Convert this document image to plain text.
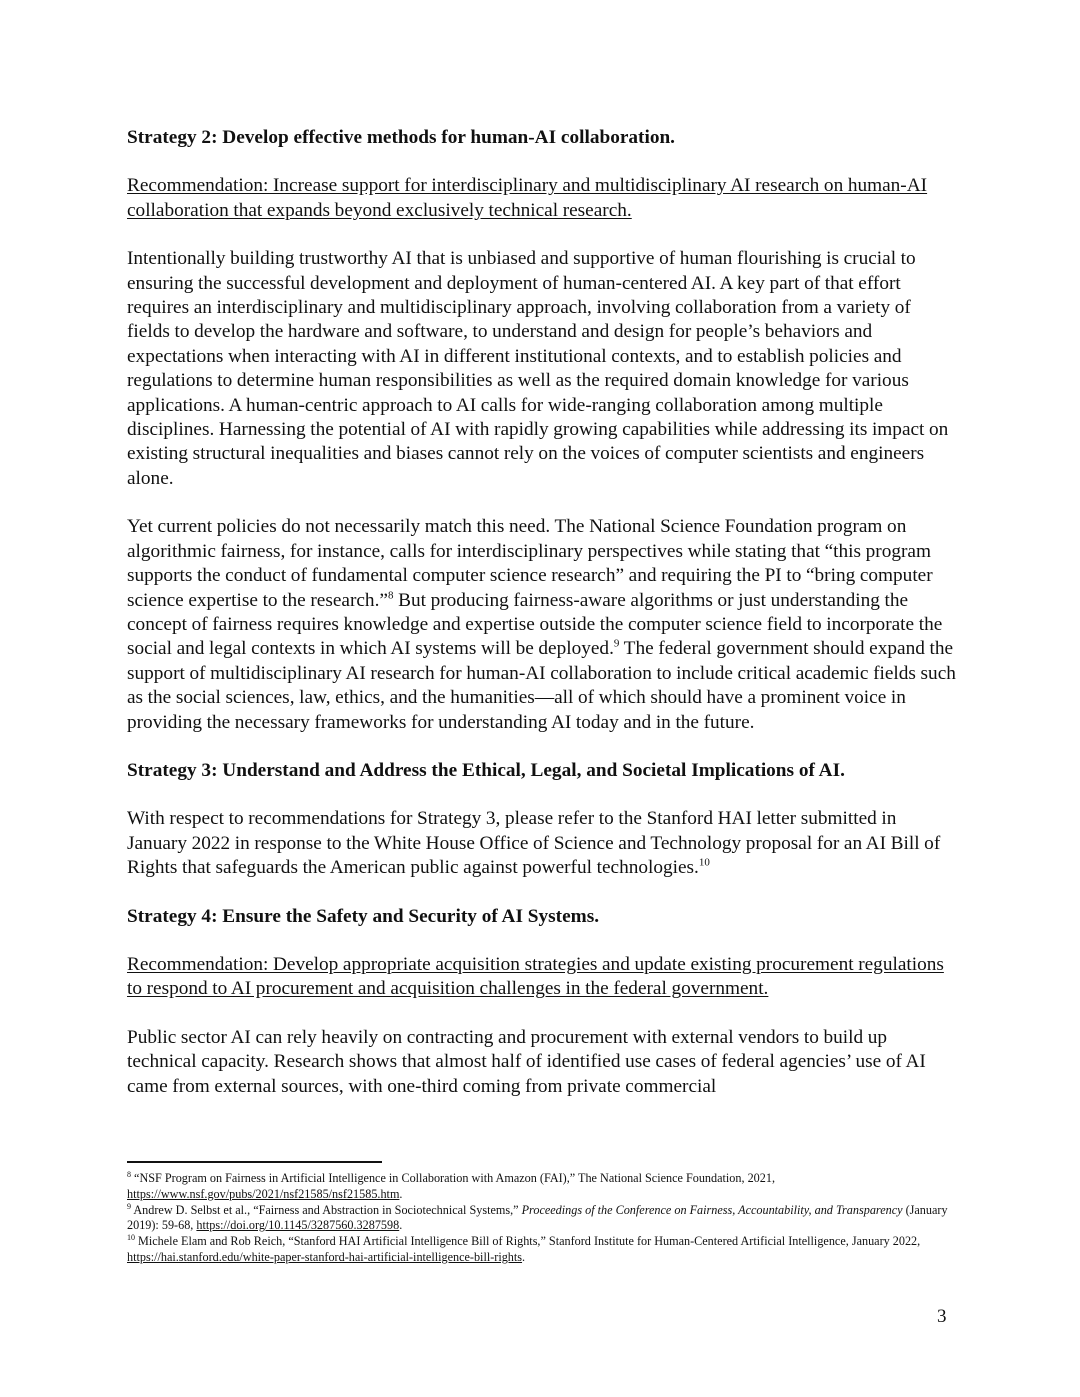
Strategy 2: Develop effective methods for human-AI collaboration.

Recommendation: Increase support for interdisciplinary and multidisciplinary AI research on human-AI collaboration that expands beyond exclusively technical research.

Intentionally building trustworthy AI that is unbiased and supportive of human flourishing is crucial to ensuring the successful development and deployment of human-centered AI. A key part of that effort requires an interdisciplinary and multidisciplinary approach, involving collaboration from a variety of fields to develop the hardware and software, to understand and design for people’s behaviors and expectations when interacting with AI in different institutional contexts, and to establish policies and regulations to determine human responsibilities as well as the required domain knowledge for various applications. A human-centric approach to AI calls for wide-ranging collaboration among multiple disciplines. Harnessing the potential of AI with rapidly growing capabilities while addressing its impact on existing structural inequalities and biases cannot rely on the voices of computer scientists and engineers alone.

Yet current policies do not necessarily match this need. The National Science Foundation program on algorithmic fairness, for instance, calls for interdisciplinary perspectives while stating that “this program supports the conduct of fundamental computer science research” and requiring the PI to “bring computer science expertise to the research.”$^8$ But producing fairness-aware algorithms or just understanding the concept of fairness requires knowledge and expertise outside the computer science field to incorporate the social and legal contexts in which AI systems will be deployed.$^9$ The federal government should expand the support of multidisciplinary AI research for human-AI collaboration to include critical academic fields such as the social sciences, law, ethics, and the humanities—all of which should have a prominent voice in providing the necessary frameworks for understanding AI today and in the future.

Strategy 3: Understand and Address the Ethical, Legal, and Societal Implications of AI.

With respect to recommendations for Strategy 3, please refer to the Stanford HAI letter submitted in January 2022 in response to the White House Office of Science and Technology proposal for an AI Bill of Rights that safeguards the American public against powerful technologies.$^{10}$

Strategy 4: Ensure the Safety and Security of AI Systems.

Recommendation: Develop appropriate acquisition strategies and update existing procurement regulations to respond to AI procurement and acquisition challenges in the federal government.

Public sector AI can rely heavily on contracting and procurement with external vendors to build up technical capacity. Research shows that almost half of identified use cases of federal agencies’ use of AI came from external sources, with one-third coming from private commercial

$^8$ “NSF Program on Fairness in Artificial Intelligence in Collaboration with Amazon (FAI),” The National Science Foundation, 2021, https://www.nsf.gov/pubs/2021/nsf21585/nsf21585.htm.

$^9$ Andrew D. Selbst et al., “Fairness and Abstraction in Sociotechnical Systems,” Proceedings of the Conference on Fairness, Accountability, and Transparency (January 2019): 59-68, https://doi.org/10.1145/3287560.3287598.

$^{10}$ Michele Elam and Rob Reich, “Stanford HAI Artificial Intelligence Bill of Rights,” Stanford Institute for Human-Centered Artificial Intelligence, January 2022, https://hai.stanford.edu/white-paper-stanford-hai-artificial-intelligence-bill-rights.

3
